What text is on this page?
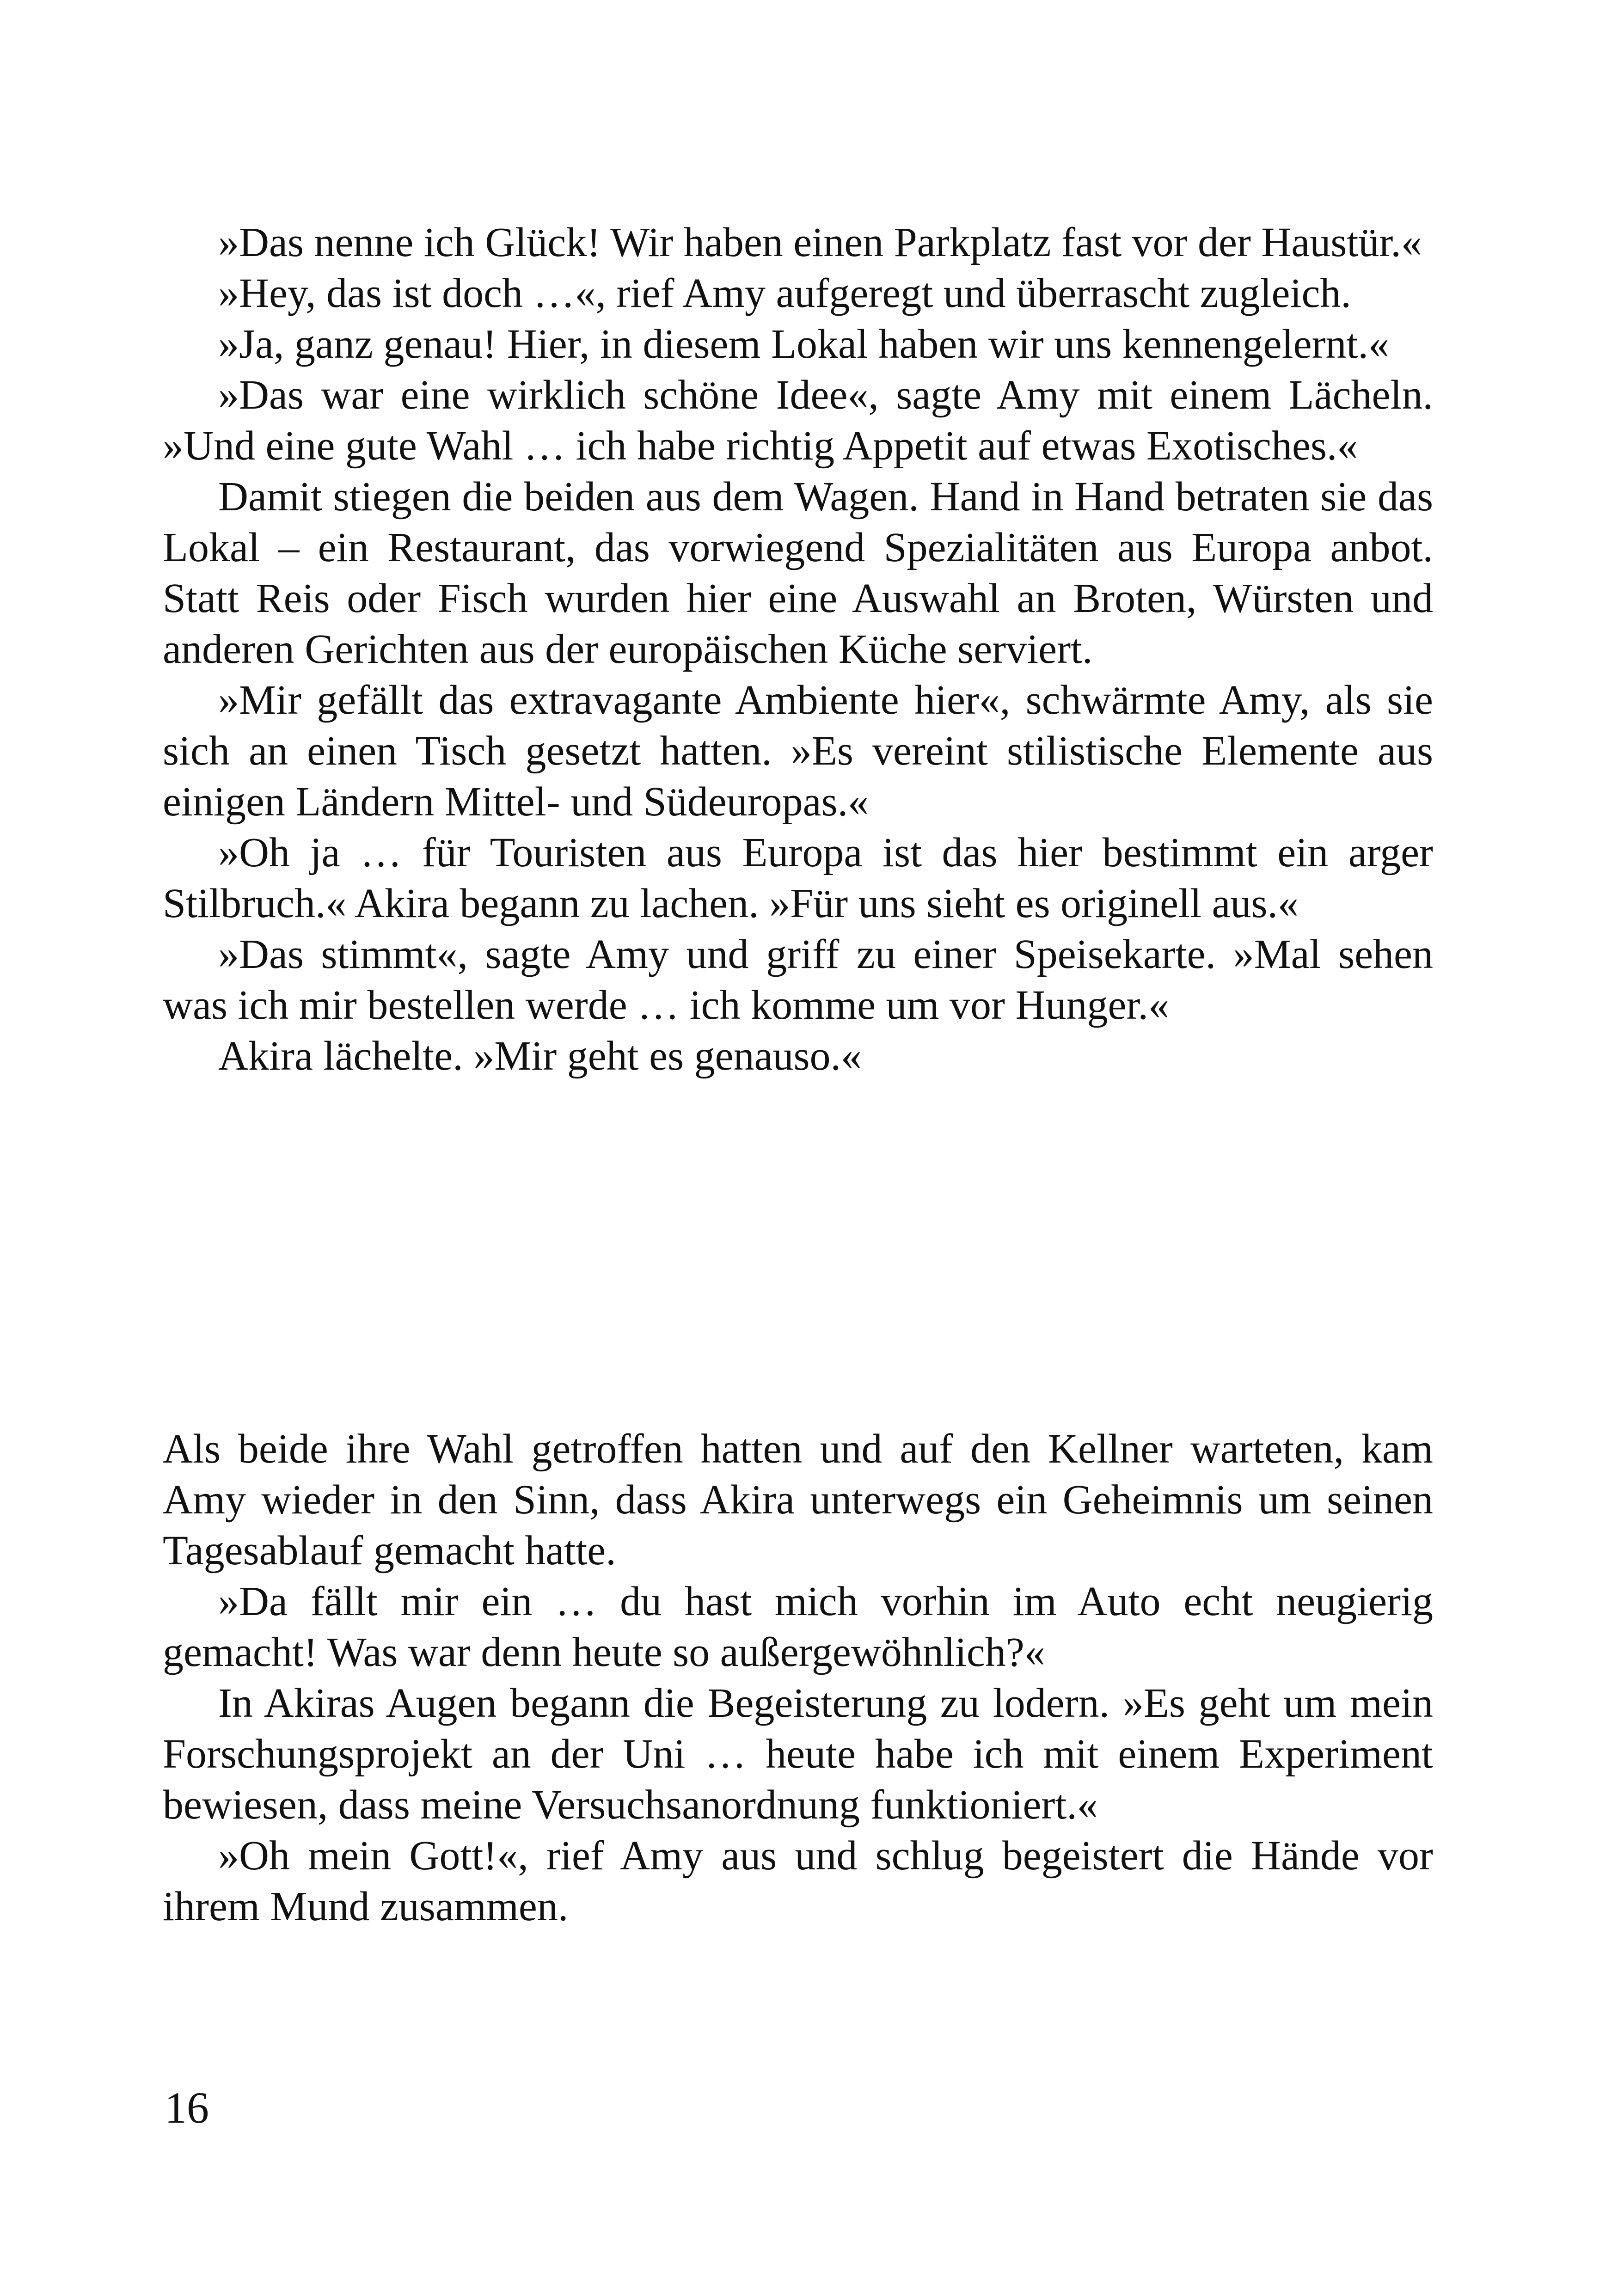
»Das nenne ich Glück! Wir haben einen Parkplatz fast vor der Haustür.«

»Hey, das ist doch …«, rief Amy aufgeregt und überrascht zugleich.

»Ja, ganz genau! Hier, in diesem Lokal haben wir uns kennengelernt.«

»Das war eine wirklich schöne Idee«, sagte Amy mit einem Lächeln. »Und eine gute Wahl … ich habe richtig Appetit auf etwas Exotisches.«

Damit stiegen die beiden aus dem Wagen. Hand in Hand betraten sie das Lokal – ein Restaurant, das vorwiegend Spezialitäten aus Europa anbot. Statt Reis oder Fisch wurden hier eine Auswahl an Broten, Würsten und anderen Gerichten aus der europäischen Küche serviert.

»Mir gefällt das extravagante Ambiente hier«, schwärmte Amy, als sie sich an einen Tisch gesetzt hatten. »Es vereint stilistische Elemente aus einigen Ländern Mittel- und Südeuropas.«

»Oh ja … für Touristen aus Europa ist das hier bestimmt ein arger Stilbruch.« Akira begann zu lachen. »Für uns sieht es originell aus.«

»Das stimmt«, sagte Amy und griff zu einer Speisekarte. »Mal sehen was ich mir bestellen werde … ich komme um vor Hunger.«

Akira lächelte. »Mir geht es genauso.«

Als beide ihre Wahl getroffen hatten und auf den Kellner warteten, kam Amy wieder in den Sinn, dass Akira unterwegs ein Geheimnis um seinen Tagesablauf gemacht hatte.

»Da fällt mir ein … du hast mich vorhin im Auto echt neugierig gemacht! Was war denn heute so außergewöhnlich?«

In Akiras Augen begann die Begeisterung zu lodern. »Es geht um mein Forschungsprojekt an der Uni … heute habe ich mit einem Experiment bewiesen, dass meine Versuchsanordnung funktioniert.«

»Oh mein Gott!«, rief Amy aus und schlug begeistert die Hände vor ihrem Mund zusammen.

16
